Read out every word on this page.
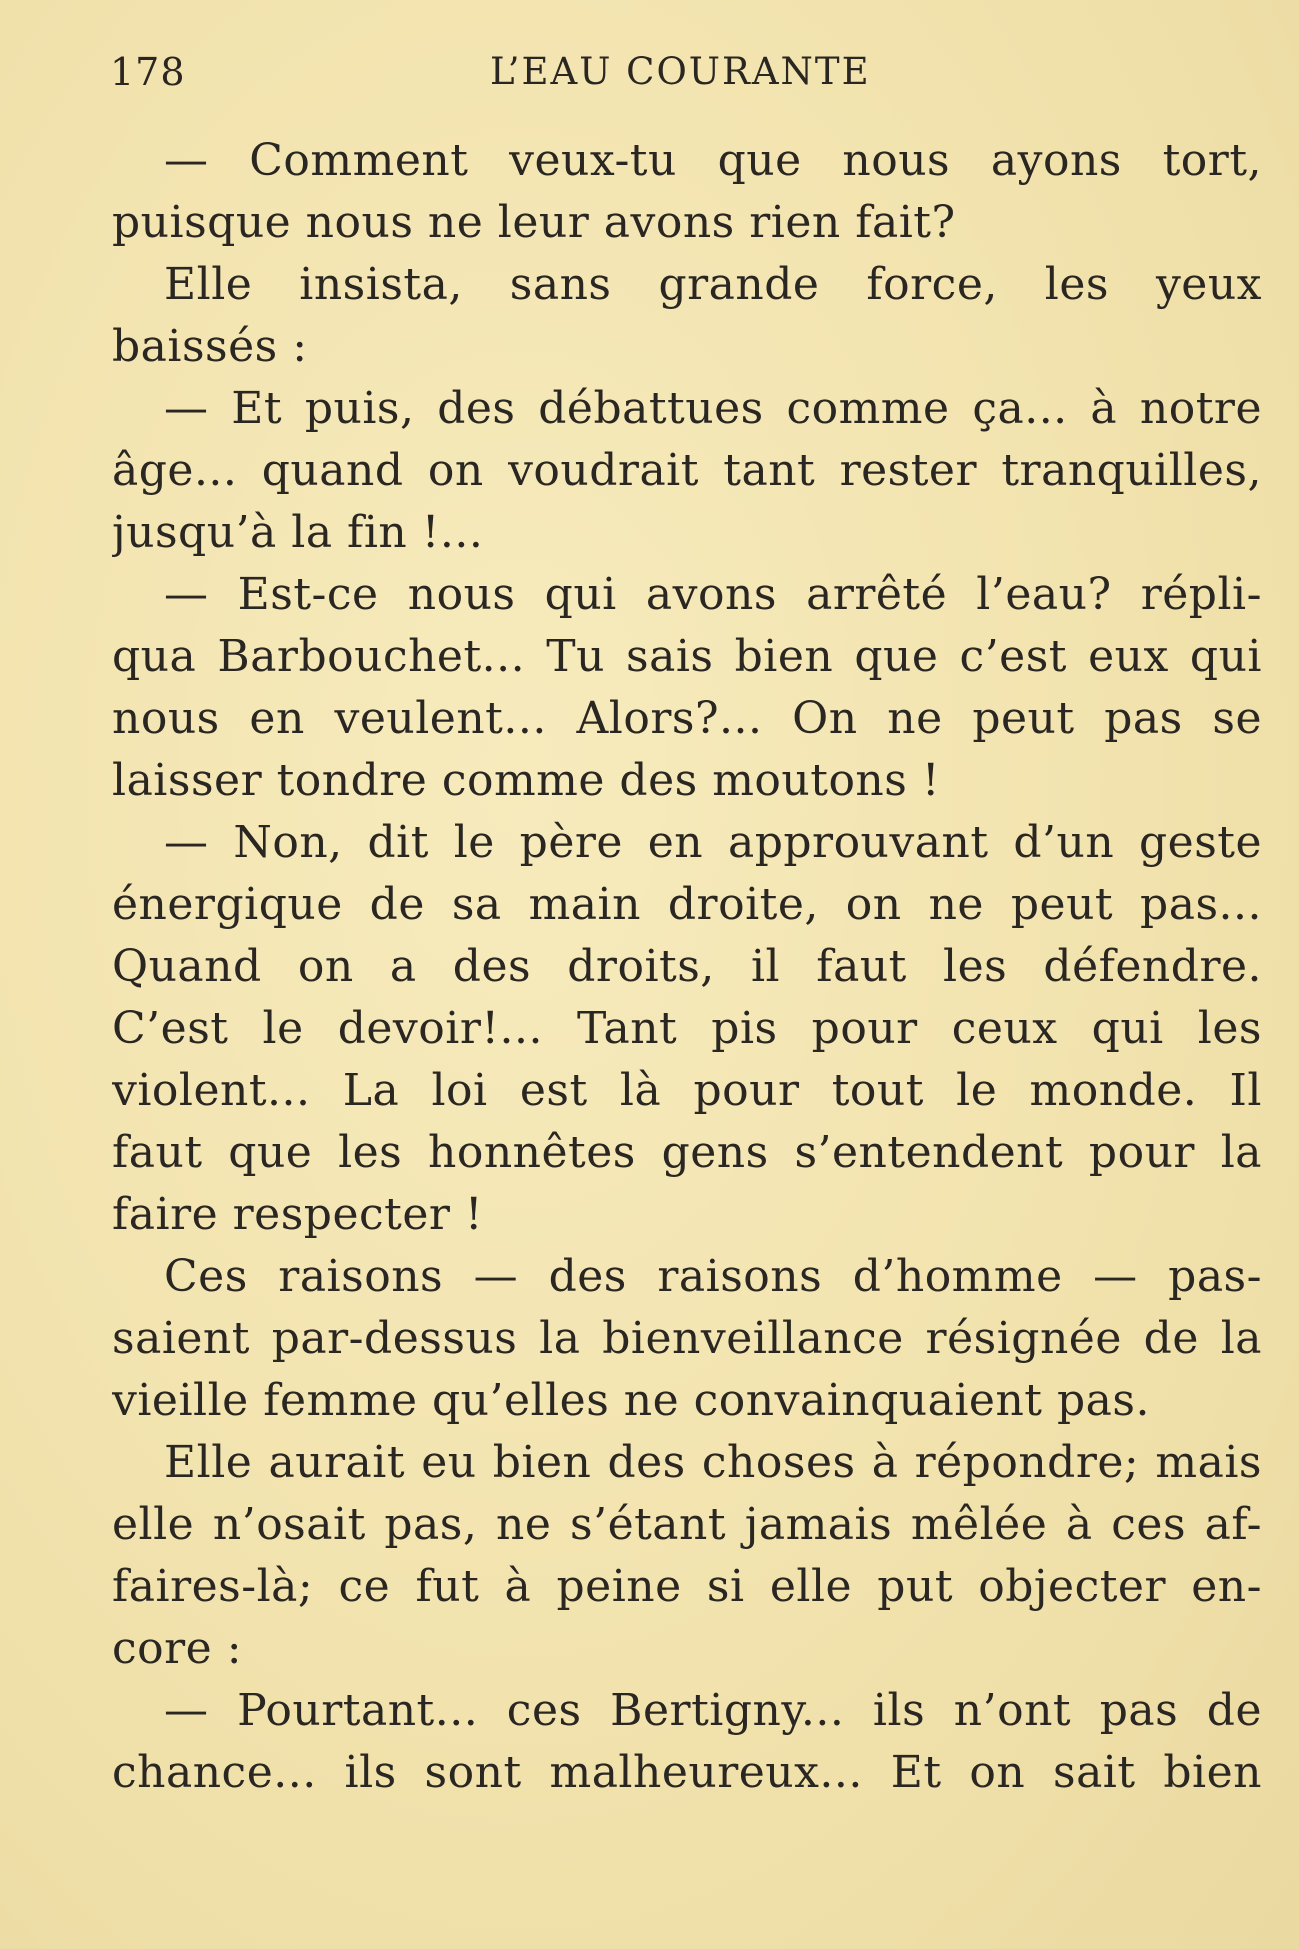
178	L’EAU COURANTE
— Comment veux-tu que nous ayons tort,
puisque nous ne leur avons rien fait?
Elle insista, sans grande force, les yeux
baissés :
— Et puis, des débattues comme ça... à notre
âge... quand on voudrait tant rester tranquilles,
jusqu’à la fin !...
— Est-ce nous qui avons arrêté l’eau? répli-
qua Barbouchet... Tu sais bien que c’est eux qui
nous en veulent... Alors?... On ne peut pas se
laisser tondre comme des moutons !
— Non, dit le père en approuvant d’un geste
énergique de sa main droite, on ne peut pas...
Quand on a des droits, il faut les défendre.
C’est le devoir!... Tant pis pour ceux qui les
violent... La loi est là pour tout le monde. Il
faut que les honnêtes gens s’entendent pour la
faire respecter !
Ces raisons — des raisons d’homme — pas-
saient par-dessus la bienveillance résignée de la
vieille femme qu’elles ne convainquaient pas.
Elle aurait eu bien des choses à répondre; mais
elle n’osait pas, ne s’étant jamais mêlée à ces af-
faires-là; ce fut à peine si elle put objecter en-
core :
— Pourtant... ces Bertigny... ils n’ont pas de
chance... ils sont malheureux... Et on sait bien
